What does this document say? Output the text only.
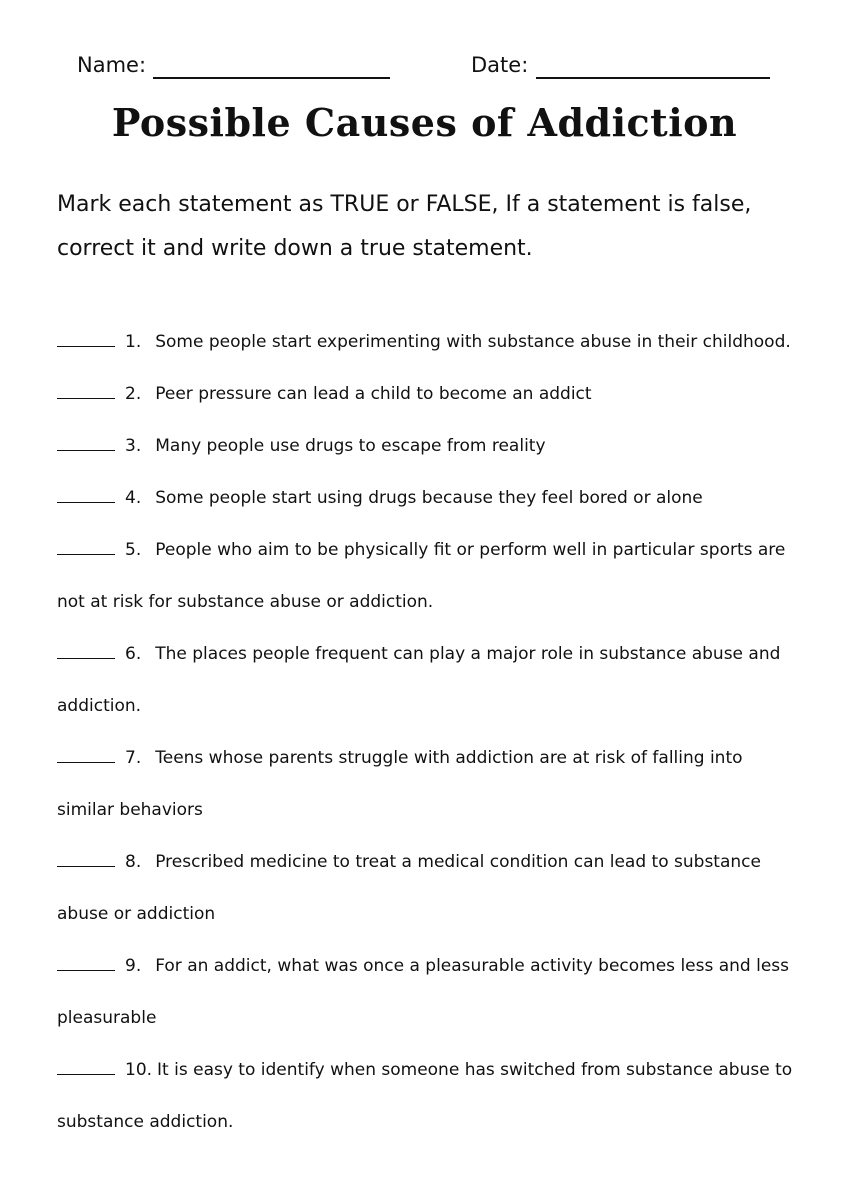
Name:	Date:
Possible Causes of Addiction

Mark each statement as TRUE or FALSE, If a statement is false, correct it and write down a true statement.

1. Some people start experimenting with substance abuse in their childhood.
2. Peer pressure can lead a child to become an addict
3. Many people use drugs to escape from reality
4. Some people start using drugs because they feel bored or alone
5. People who aim to be physically fit or perform well in particular sports are not at risk for substance abuse or addiction.
6. The places people frequent can play a major role in substance abuse and addiction.
7. Teens whose parents struggle with addiction are at risk of falling into similar behaviors
8. Prescribed medicine to treat a medical condition can lead to substance abuse or addiction
9. For an addict, what was once a pleasurable activity becomes less and less pleasurable
10. It is easy to identify when someone has switched from substance abuse to substance addiction.
